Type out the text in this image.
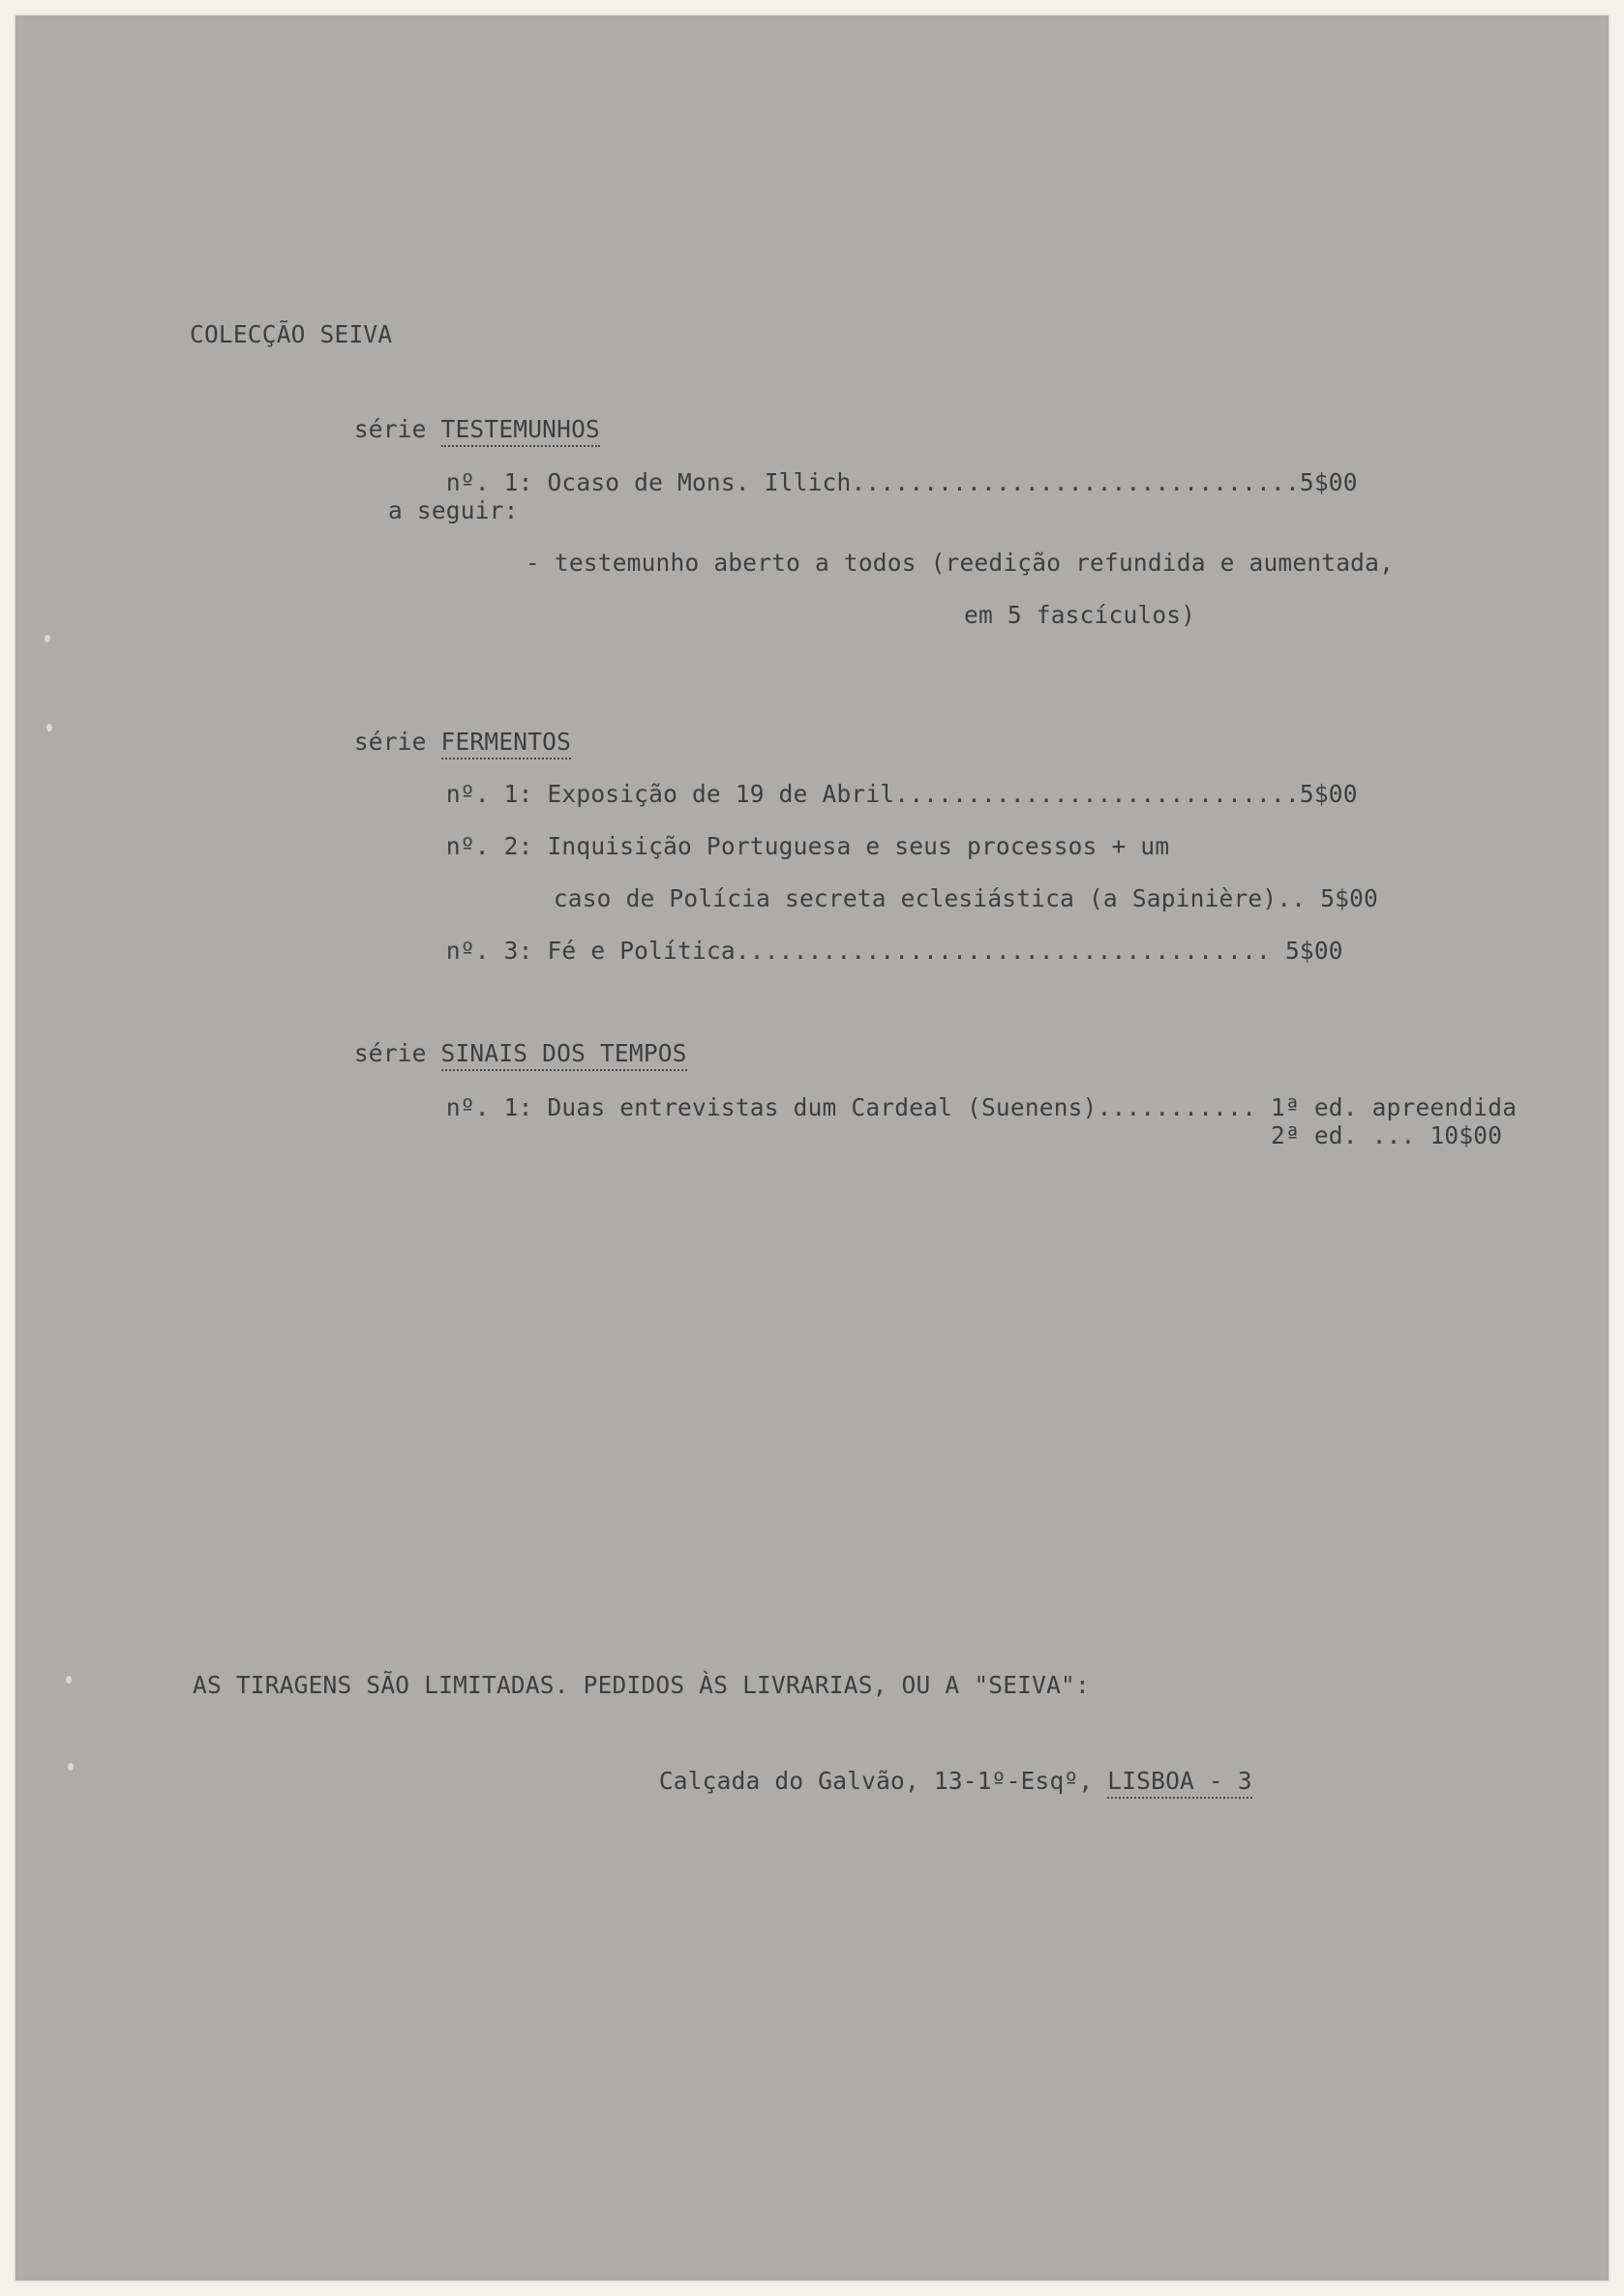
COLECÇÃO SEIVA

série TESTEMUNHOS

nº. 1: Ocaso de Mons. Illich...............................5$00

a seguir:
- testemunho aberto a todos (reedição refundida e aumentada,
em 5 fascículos)

série FERMENTOS

nº. 1: Exposição de 19 de Abril............................5$00

nº. 2: Inquisição Portuguesa e seus processos + um

caso de Polícia secreta eclesiástica (a Sapinière).. 5$00

nº. 3: Fé e Política..................................... 5$00

série SINAIS DOS TEMPOS

nº. 1: Duas entrevistas dum Cardeal (Suenens)........... 1ª ed. apreendida

2ª ed. ... 10$00
AS TIRAGENS SÃO LIMITADAS. PEDIDOS ÀS LIVRARIAS, OU A "SEIVA":

Calçada do Galvão, 13-1º-Esqº, LISBOA - 3
